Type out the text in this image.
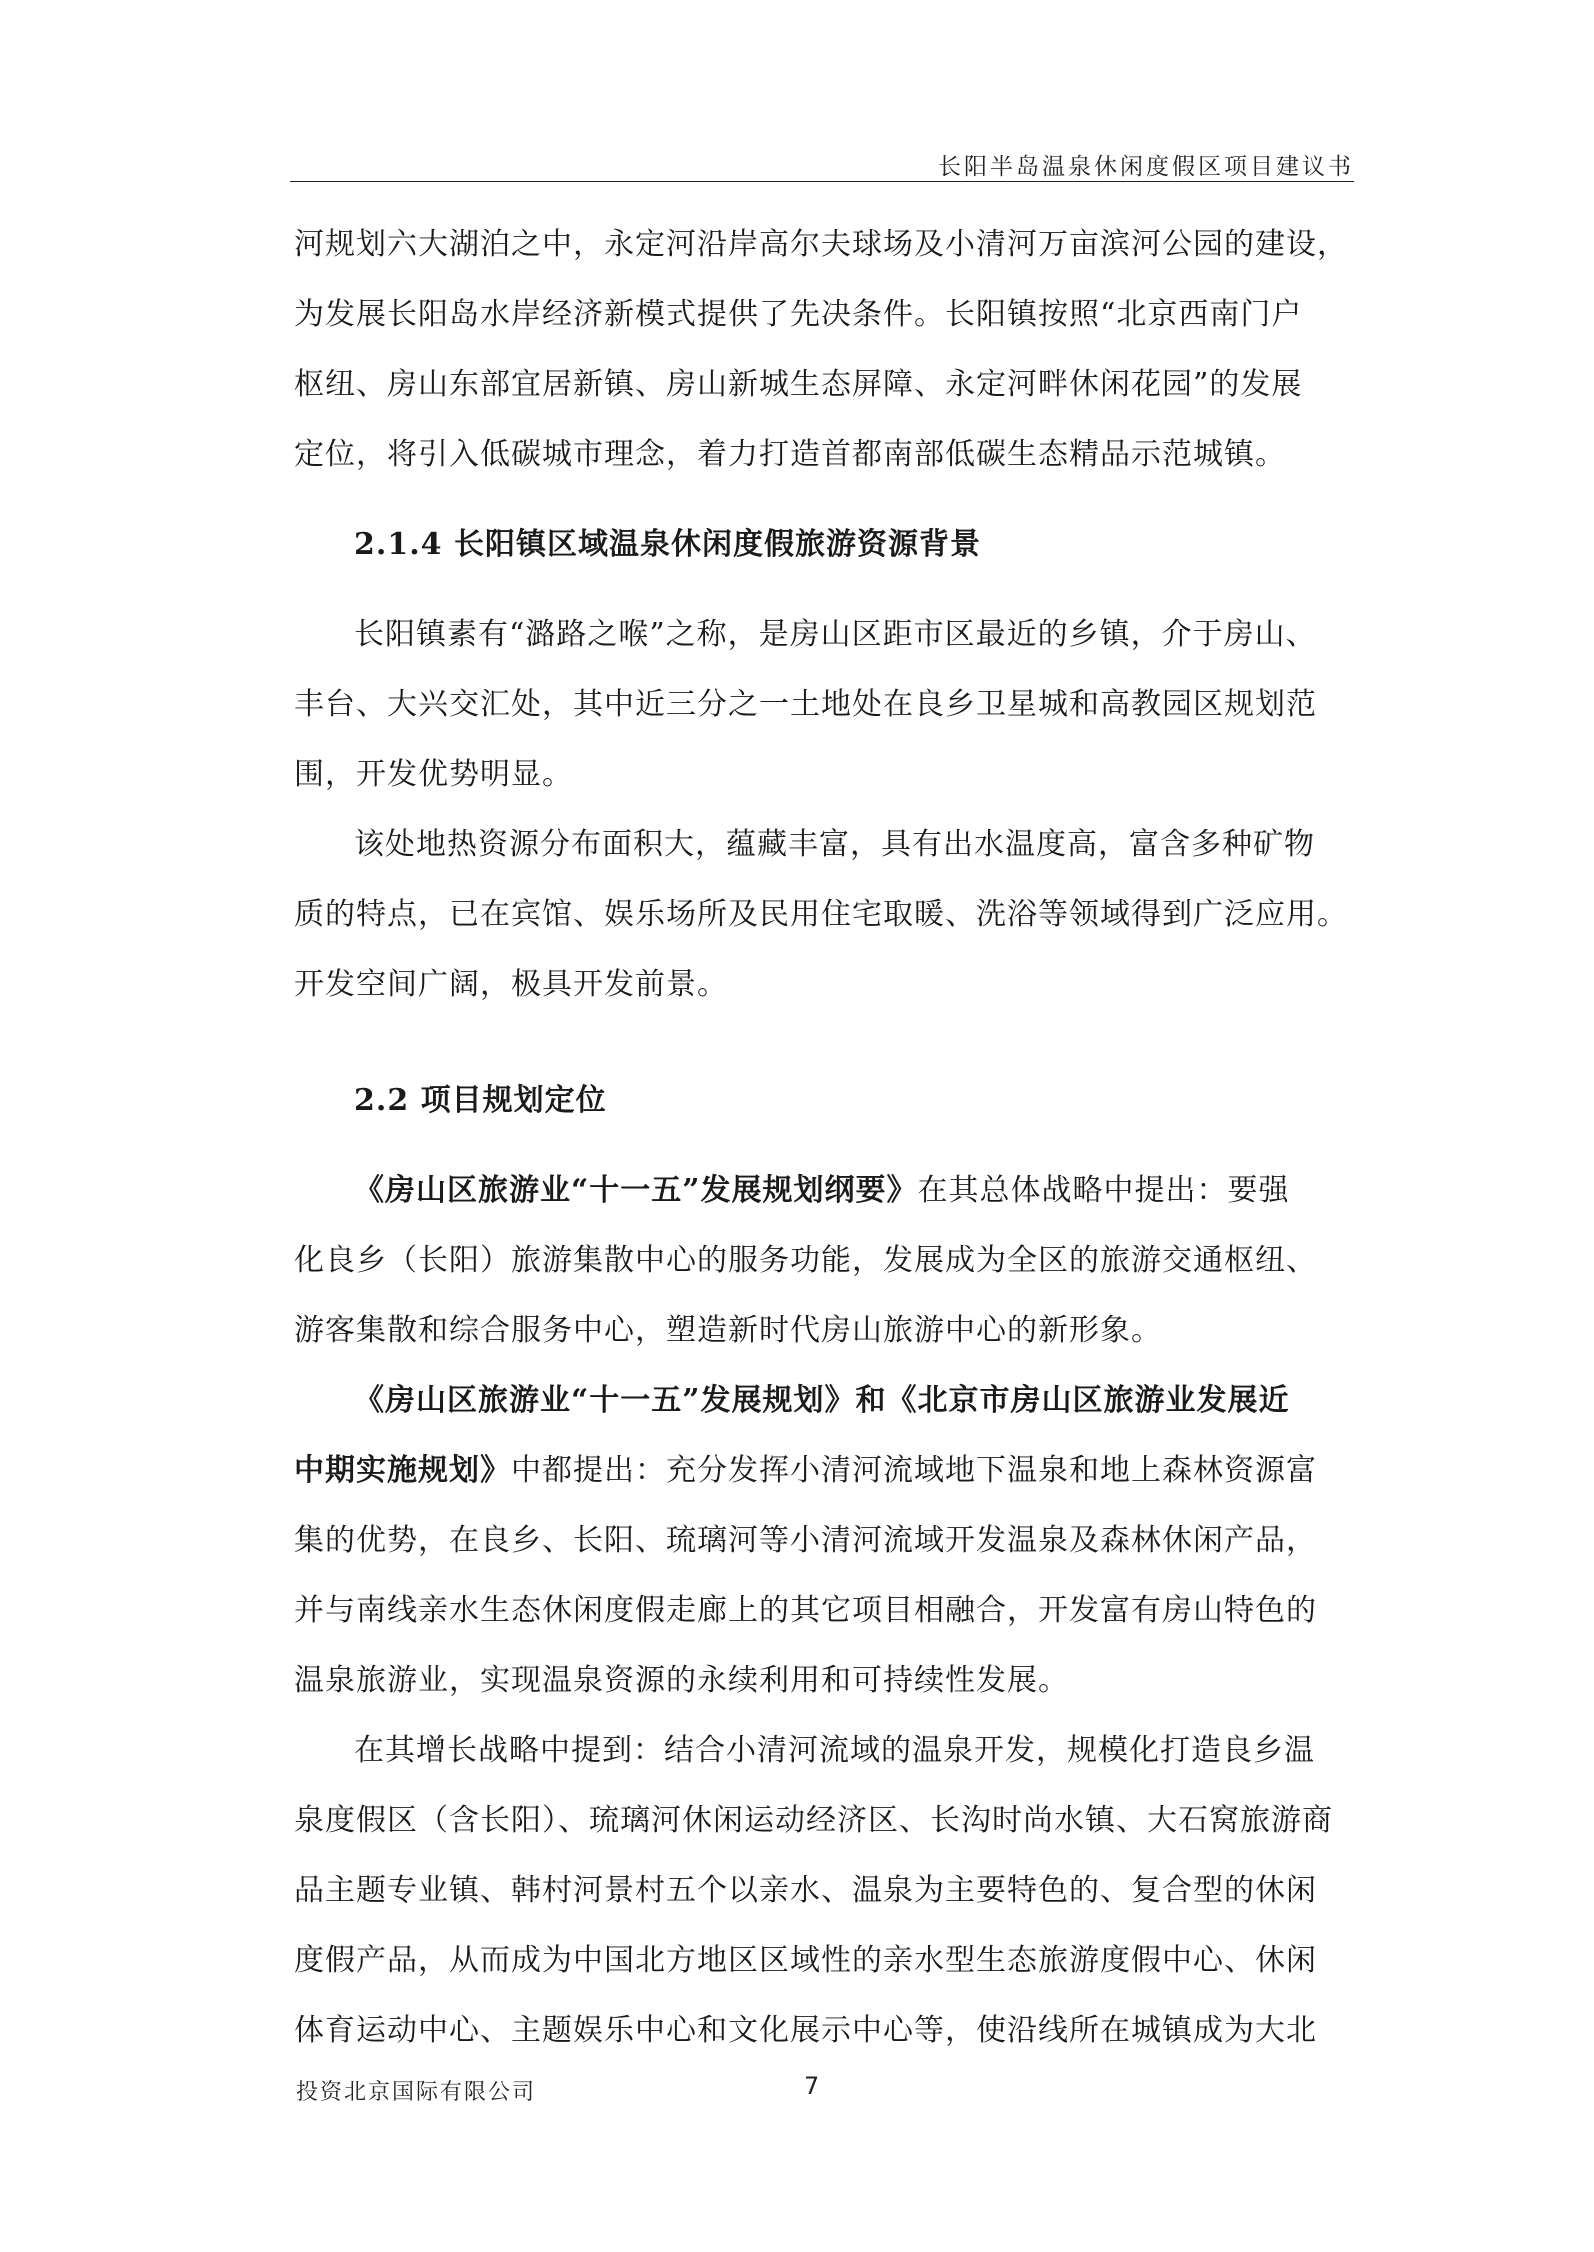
长阳半岛温泉休闲度假区项目建议书
河规划六大湖泊之中，永定河沿岸高尔夫球场及小清河万亩滨河公园的建设，
为发展长阳岛水岸经济新模式提供了先决条件。长阳镇按照“北京西南门户
枢纽、房山东部宜居新镇、房山新城生态屏障、永定河畔休闲花园”的发展
定位，将引入低碳城市理念，着力打造首都南部低碳生态精品示范城镇。
2.1.4 长阳镇区域温泉休闲度假旅游资源背景
长阳镇素有“潞路之喉”之称，是房山区距市区最近的乡镇，介于房山、
丰台、大兴交汇处，其中近三分之一土地处在良乡卫星城和高教园区规划范
围，开发优势明显。
该处地热资源分布面积大，蕴藏丰富，具有出水温度高，富含多种矿物
质的特点，已在宾馆、娱乐场所及民用住宅取暖、洗浴等领域得到广泛应用。
开发空间广阔，极具开发前景。
2.2 项目规划定位
《房山区旅游业“十一五”发展规划纲要》在其总体战略中提出：要强
化良乡（长阳）旅游集散中心的服务功能，发展成为全区的旅游交通枢纽、
游客集散和综合服务中心，塑造新时代房山旅游中心的新形象。
《房山区旅游业“十一五”发展规划》和《北京市房山区旅游业发展近
中期实施规划》中都提出：充分发挥小清河流域地下温泉和地上森林资源富
集的优势，在良乡、长阳、琉璃河等小清河流域开发温泉及森林休闲产品，
并与南线亲水生态休闲度假走廊上的其它项目相融合，开发富有房山特色的
温泉旅游业，实现温泉资源的永续利用和可持续性发展。
在其增长战略中提到：结合小清河流域的温泉开发，规模化打造良乡温
泉度假区（含长阳）、琉璃河休闲运动经济区、长沟时尚水镇、大石窝旅游商
品主题专业镇、韩村河景村五个以亲水、温泉为主要特色的、复合型的休闲
度假产品，从而成为中国北方地区区域性的亲水型生态旅游度假中心、休闲
体育运动中心、主题娱乐中心和文化展示中心等，使沿线所在城镇成为大北
投资北京国际有限公司	7
